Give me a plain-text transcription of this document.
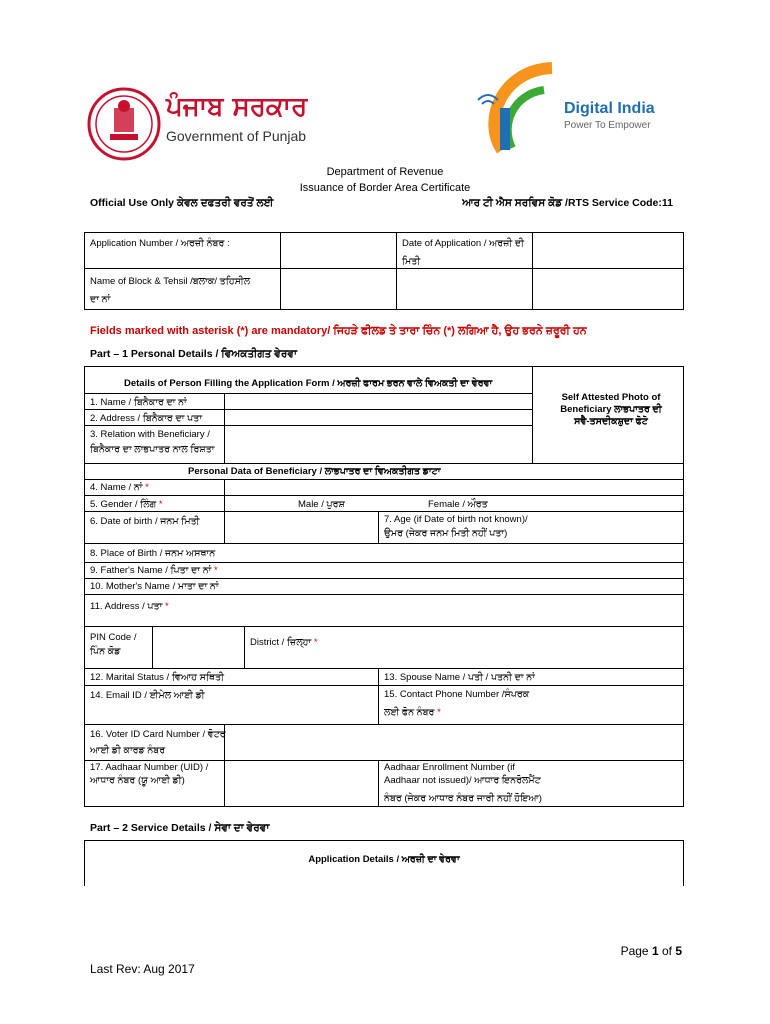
ਪੰਜਾਬ ਸਰਕਾਰ
Government of Punjab
Digital India
Power To Empower
Department of Revenue
Issuance of Border Area Certificate
Official Use Only ਕੇਵਲ ਦਫਤਰੀ ਵਰਤੋਂ ਲਈ	ਆਰ ਟੀ ਐਸ ਸਰਵਿਸ ਕੋਡ /RTS Service Code:11
Application Number / ਅਰਜ਼ੀ ਨੰਬਰ :	Date of Application / ਅਰਜ਼ੀ ਦੀ
ਮਿਤੀ
Name of Block & Tehsil /ਬਲਾਕ/ ਤਹਿਸੀਲ
ਦਾ ਨਾਂ
Fields marked with asterisk (*) are mandatory/ ਜਿਹੜੇ ਫੀਲਡ ਤੇ ਤਾਰਾ ਚਿੰਨ (*) ਲਗਿਆ ਹੈ, ਉਹ ਭਰਨੇ ਜ਼ਰੂਰੀ ਹਨ
Part – 1 Personal Details / ਵਿਅਕਤੀਗਤ ਵੇਰਵਾ
Self Attested Photo of Beneficiary ਲਾਭਪਾਤਰ ਦੀ ਸਵੈ-ਤਸਦੀਕਸ਼ੁਦਾ ਫੋਟੋ
Details of Person Filling the Application Form / ਅਰਜ਼ੀ ਫਾਰਮ ਭਰਨ ਵਾਲੇ ਵਿਅਕਤੀ ਦਾ ਵੇਰਵਾ
1. Name / ਬਿਨੈਕਾਰ ਦਾ ਨਾਂ
2. Address / ਬਿਨੈਕਾਰ ਦਾ ਪਤਾ
3. Relation with Beneficiary /
ਬਿਨੈਕਾਰ ਦਾ ਲਾਭਪਾਤਰ ਨਾਲ ਰਿਸ਼ਤਾ
Personal Data of Beneficiary / ਲਾਭਪਾਤਰ ਦਾ ਵਿਅਕਤੀਗਤ ਡਾਟਾ
4. Name / ਨਾਂ *
5. Gender / ਲਿੰਗ *	Male / ਪੁਰਸ਼	Female / ਔਰਤ
6. Date of birth / ਜਨਮ ਮਿਤੀ	7. Age (if Date of birth not known)/
ਉਮਰ (ਜੇਕਰ ਜਨਮ ਮਿਤੀ ਨਹੀਂ ਪਤਾ)
8. Place of Birth / ਜਨਮ ਅਸਥਾਨ
9. Father's Name / ਪਿਤਾ ਦਾ ਨਾਂ *
10. Mother's Name / ਮਾਤਾ ਦਾ ਨਾਂ
11. Address / ਪਤਾ *
PIN Code /
ਪਿੰਨ ਕੋਡ
District / ਜ਼ਿਲ੍ਹਾ *
12. Marital Status / ਵਿਆਹ ਸਥਿਤੀ	13. Spouse Name / ਪਤੀ / ਪਤਨੀ ਦਾ ਨਾਂ
14. Email ID / ਈਮੇਲ ਆਈ ਡੀ	15. Contact Phone Number /ਸੰਪਰਕ
ਲਈ ਫੋਨ ਨੰਬਰ *
16. Voter ID Card Number / ਵੋਟਰ
ਆਈ ਡੀ ਕਾਰਡ ਨੰਬਰ
17. Aadhaar Number (UID) /
ਆਧਾਰ ਨੰਬਰ (ਯੂ ਆਈ ਡੀ)
Aadhaar Enrollment Number (if
Aadhaar not issued)/ ਆਧਾਰ ਇਨਰੋਲਮੈਂਟ
ਨੰਬਰ (ਜੇਕਰ ਆਧਾਰ ਨੰਬਰ ਜਾਰੀ ਨਹੀਂ ਹੋਇਆ)
Part – 2 Service Details / ਸੇਵਾ ਦਾ ਵੇਰਵਾ
Application Details / ਅਰਜ਼ੀ ਦਾ ਵੇਰਵਾ
Page 1 of 5
Last Rev: Aug 2017
